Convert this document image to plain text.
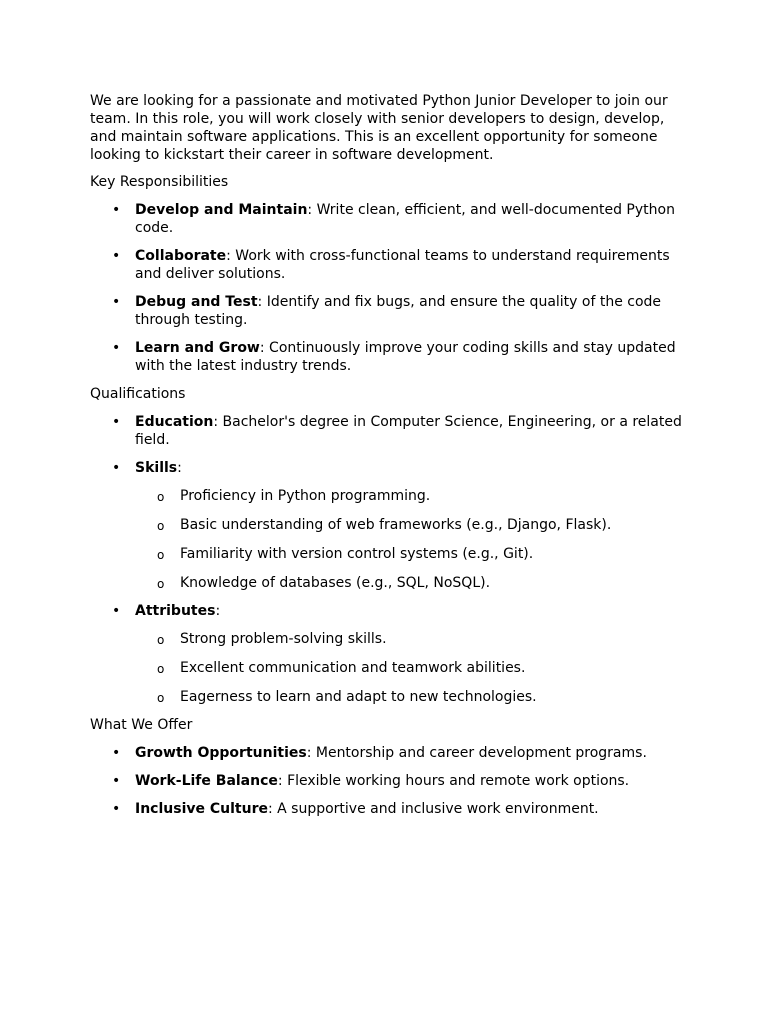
We are looking for a passionate and motivated Python Junior Developer to join our team. In this role, you will work closely with senior developers to design, develop, and maintain software applications. This is an excellent opportunity for someone looking to kickstart their career in software development.

Key Responsibilities

• Develop and Maintain: Write clean, efficient, and well-documented Python code.
• Collaborate: Work with cross-functional teams to understand requirements and deliver solutions.
• Debug and Test: Identify and fix bugs, and ensure the quality of the code through testing.
• Learn and Grow: Continuously improve your coding skills and stay updated with the latest industry trends.

Qualifications

• Education: Bachelor's degree in Computer Science, Engineering, or a related field.
• Skills:
o Proficiency in Python programming.
o Basic understanding of web frameworks (e.g., Django, Flask).
o Familiarity with version control systems (e.g., Git).
o Knowledge of databases (e.g., SQL, NoSQL).
• Attributes:
o Strong problem-solving skills.
o Excellent communication and teamwork abilities.
o Eagerness to learn and adapt to new technologies.

What We Offer

• Growth Opportunities: Mentorship and career development programs.
• Work-Life Balance: Flexible working hours and remote work options.
• Inclusive Culture: A supportive and inclusive work environment.
